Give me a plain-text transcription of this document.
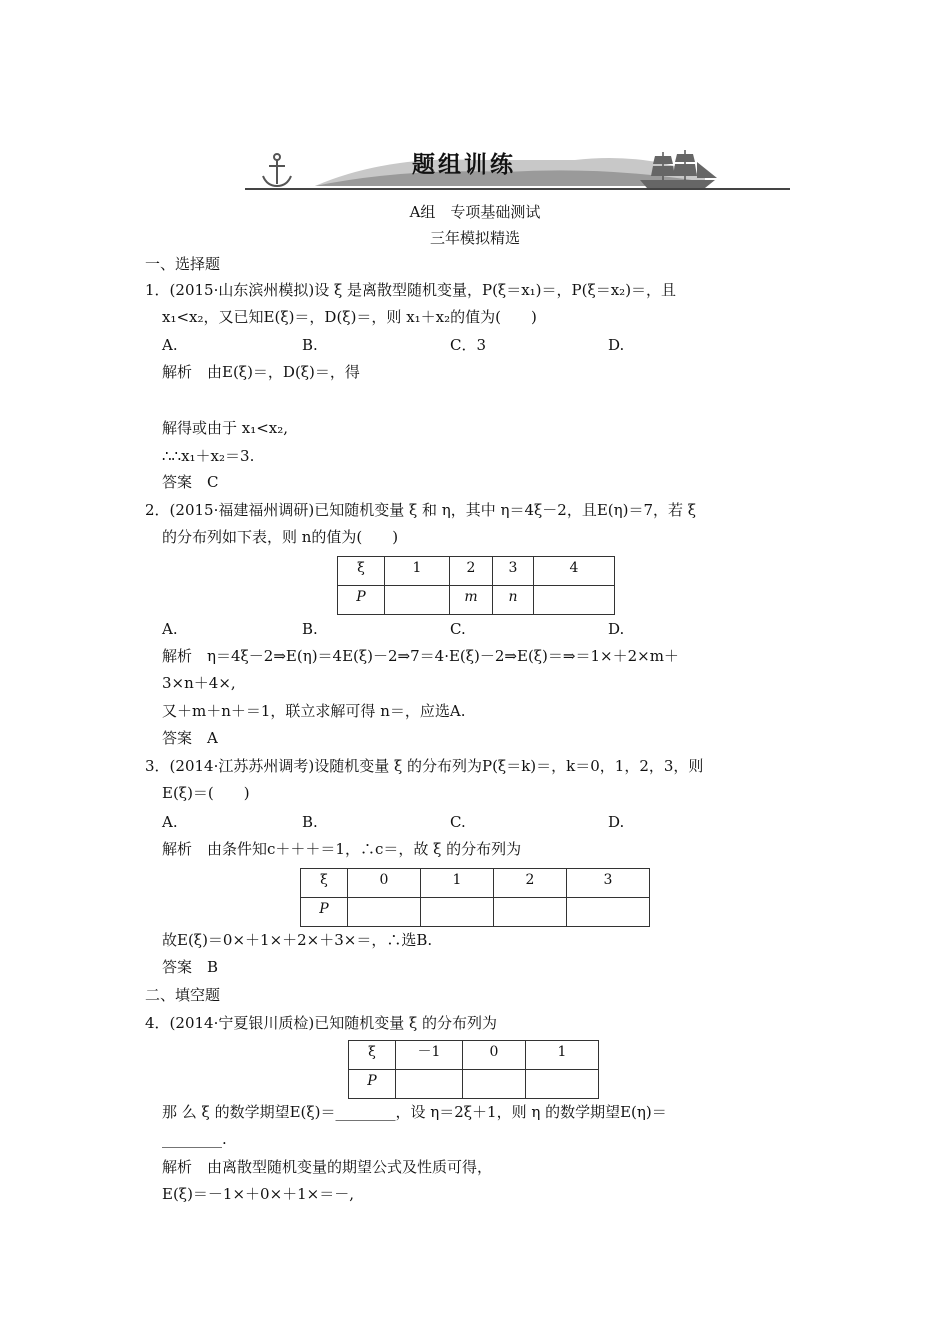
题组训练
A组　专项基础测试
三年模拟精选
一、选择题
1．(2015·山东滨州模拟)设 ξ 是离散型随机变量，P(ξ＝x₁)＝，P(ξ＝x₂)＝，且
x₁<x₂，又已知E(ξ)＝，D(ξ)＝，则 x₁＋x₂的值为(　　)
A.	B.	C．3	D.
解析　由E(ξ)＝，D(ξ)＝，得
解得或由于 x₁<x₂,
∴∴x₁＋x₂＝3.
答案　C
2．(2015·福建福州调研)已知随机变量 ξ 和 η，其中 η＝4ξ－2，且E(η)＝7，若 ξ
的分布列如下表，则 n的值为(　　)
ξ	1	2	3	4
P		m	n	
A.	B.	C.	D.
解析　η＝4ξ－2⇒E(η)＝4E(ξ)－2⇒7＝4·E(ξ)－2⇒E(ξ)＝⇒＝1×＋2×m＋
3×n＋4×,
又＋m＋n＋＝1，联立求解可得 n＝，应选A.
答案　A
3．(2014·江苏苏州调考)设随机变量 ξ 的分布列为P(ξ＝k)＝，k＝0，1，2，3，则
E(ξ)＝(　　)
A.	B.	C.	D.
解析　由条件知c＋＋＋＝1，∴c＝，故 ξ 的分布列为
ξ	0	1	2	3
P				
故E(ξ)＝0×＋1×＋2×＋3×＝，∴选B.
答案　B
二、填空题
4．(2014·宁夏银川质检)已知随机变量 ξ 的分布列为
ξ	－1	0	1
P			
那 么 ξ 的数学期望E(ξ)＝________，设 η＝2ξ＋1，则 η 的数学期望E(η)＝
________.
解析　由离散型随机变量的期望公式及性质可得，
E(ξ)＝－1×＋0×＋1×＝－,
